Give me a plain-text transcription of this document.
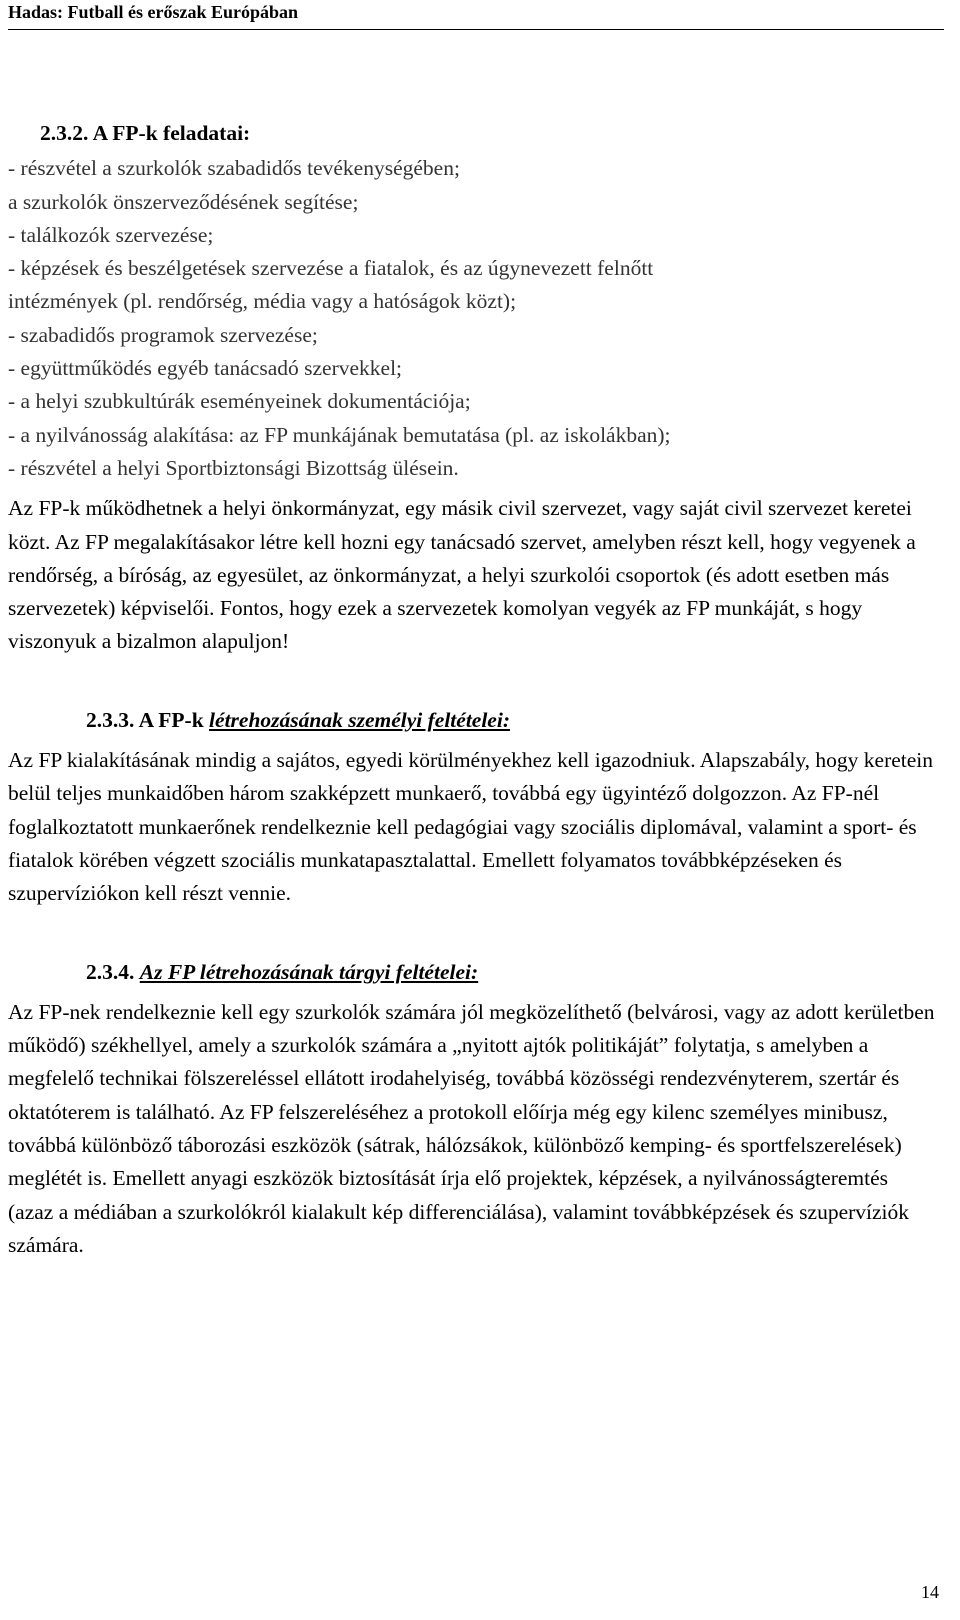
Hadas: Futball és erőszak Európában

2.3.2. A FP-k feladatai:

- részvétel a szurkolók szabadidős tevékenységében;
a szurkolók önszerveződésének segítése;
- találkozók szervezése;
- képzések és beszélgetések szervezése a fiatalok, és az úgynevezett felnőtt
intézmények (pl. rendőrség, média vagy a hatóságok közt);
- szabadidős programok szervezése;
- együttműködés egyéb tanácsadó szervekkel;
- a helyi szubkultúrák eseményeinek dokumentációja;
- a nyilvánosság alakítása: az FP munkájának bemutatása (pl. az iskolákban);
- részvétel a helyi Sportbiztonsági Bizottság ülésein.

Az FP-k működhetnek a helyi önkormányzat, egy másik civil szervezet, vagy saját civil szervezet keretei közt. Az FP megalakításakor létre kell hozni egy tanácsadó szervet, amelyben részt kell, hogy vegyenek a rendőrség, a bíróság, az egyesület, az önkormányzat, a helyi szurkolói csoportok (és adott esetben más szervezetek) képviselői. Fontos, hogy ezek a szervezetek komolyan vegyék az FP munkáját, s hogy viszonyuk a bizalmon alapuljon!

2.3.3. A FP-k létrehozásának személyi feltételei:

Az FP kialakításának mindig a sajátos, egyedi körülményekhez kell igazodniuk. Alapszabály, hogy keretein belül teljes munkaidőben három szakképzett munkaerő, továbbá egy ügyintéző dolgozzon. Az FP-nél foglalkoztatott munkaerőnek rendelkeznie kell pedagógiai vagy szociális diplomával, valamint a sport- és fiatalok körében végzett szociális munkatapasztalattal. Emellett folyamatos továbbképzéseken és szupervíziókon kell részt vennie.

2.3.4. Az FP létrehozásának tárgyi feltételei:

Az FP-nek rendelkeznie kell egy szurkolók számára jól megközelíthető (belvárosi, vagy az adott kerületben működő) székhellyel, amely a szurkolók számára a „nyitott ajtók politikáját” folytatja, s amelyben a megfelelő technikai fölszereléssel ellátott irodahelyiség, továbbá közösségi rendezvényterem, szertár és oktatóterem is található. Az FP felszereléséhez a protokoll előírja még egy kilenc személyes minibusz, továbbá különböző táborozási eszközök (sátrak, hálózsákok, különböző kemping- és sportfelszerelések) meglétét is. Emellett anyagi eszközök biztosítását írja elő projektek, képzések, a nyilvánosságteremtés (azaz a médiában a szurkolókról kialakult kép differenciálása), valamint továbbképzések és szupervíziók számára.

14
